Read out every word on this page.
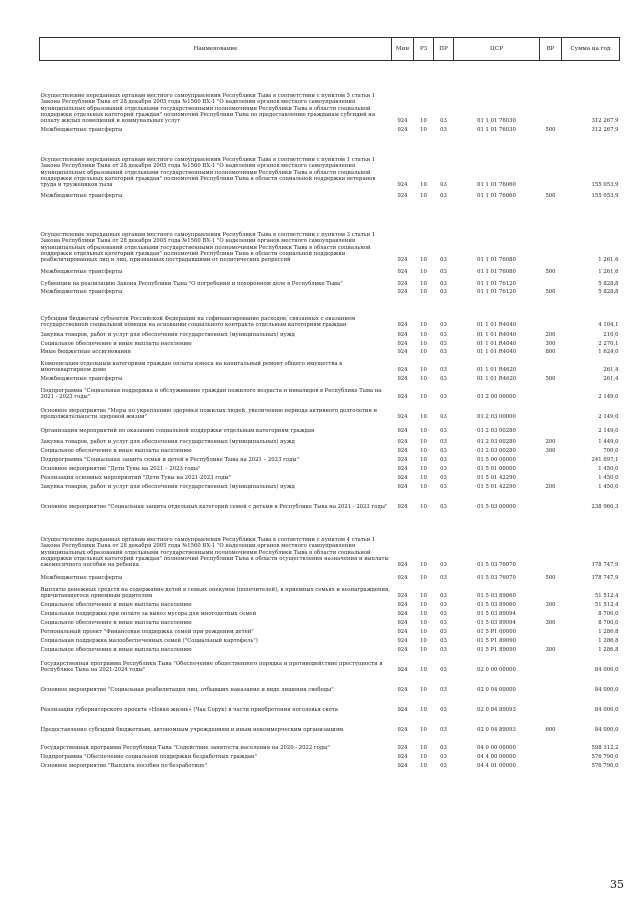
Наименование	Мин	РЗ	ПР	ЦСР	ВР	Сумма на год
Осуществление переданных органам местного самоуправления Республики Тыва в соответствии с пунктом 5 статьи 1 Закона Республики Тыва от 28 декабря 2005 года №1560 ВХ-1 "О наделении органов местного самоуправления муниципальных образований отдельными государственными полномочиями Республики Тыва в области социальной поддержки отдельных категорий граждан" полномочий Республики Тыва по предоставлению гражданам субсидий на оплату жилых помещений и коммунальных услуг	924	10	03	01 1 01 76030		312 267,9
Межбюджетные трансферты	924	10	03	01 1 01 76030	500	312 267,9
Осуществление переданных органам местного самоуправления Республики Тыва в соответствии с пунктом 1 статьи 1 Закона Республики Тыва от 28 декабря 2005 года №1560 ВХ-1 "О наделении органов местного самоуправления муниципальных образований отдельными государственными полномочиями Республики Тыва в области социальной поддержки отдельных категорий граждан" полномочий Республики Тыва в области социальной поддержки ветеранов труда и тружеников тыла	924	10	03	01 1 01 76060		155 053,9
Межбюджетные трансферты	924	10	03	01 1 01 76060	500	155 053,9
Осуществление переданных органам местного самоуправления Республики Тыва в соответствии с пунктом 3 статьи 1 Закона Республики Тыва от 28 декабря 2005 года №1560 ВХ-1 "О наделении органов местного самоуправления муниципальных образований отдельными государственными полномочиями Республики Тыва в области социальной поддержки отдельных категорий граждан" полномочий Республики Тыва в области социальной поддержки реабилитированных лиц и лиц, признанных пострадавшими от политических репрессий	924	10	03	01 1 01 76080		1 261,6
Межбюджетные трансферты	924	10	03	01 1 01 76080	500	1 261,6
Субвенции на реализацию Закона Республики Тыва "О погребении и похоронном деле в Республике Тыва"	924	10	03	01 1 01 76120		5 828,8
Межбюджетные трансферты	924	10	03	01 1 01 76120	500	5 828,8
Субсидии бюджетам субъектов Российской Федерации на софинансирование расходов, связанных с оказанием государственной социальной помощи на основании социального контракта отдельным категориям граждан	924	10	03	01 1 01 R4040		4 104,1
Закупка товаров, работ и услуг для обеспечения государственных (муниципальных) нужд	924	10	03	01 1 01 R4040	200	210,0
Социальное обеспечение и иные выплаты населению	924	10	03	01 1 01 R4040	300	2 270,1
Иные бюджетные ассигнования	924	10	03	01 1 01 R4040	800	1 624,0
Компенсация отдельным категориям граждан оплаты взноса на капитальный ремонт общего имущества в многоквартирном доме	924	10	03	01 1 01 R4620		261,4
Межбюджетные трансферты	924	10	03	01 1 01 R4620	500	261,4
Подпрограмма "Социальная поддержка и обслуживание граждан пожилого возраста и инвалидов в Республике Тыва на 2021 - 2023 годы"	924	10	03	01 2 00 00000		2 149,0
Основное мероприятие "Меры по укреплению здоровья пожилых людей, увеличению периода активного долголетия и продолжительности здоровой жизни"	924	10	03	01 2 03 00000		2 149,0
Организация мероприятий по оказанию социальной поддержки отдельным категориям граждан	924	10	03	01 2 03 00280		2 149,0
Закупка товаров, работ и услуг для обеспечения государственных (муниципальных) нужд	924	10	03	01 2 03 00280	200	1 449,0
Социальное обеспечение и иные выплаты населению	924	10	03	01 2 03 00280	300	700,0
Подпрограмма "Социальная защита семьи и детей в Республике Тыва на 2021 – 2023 годы"	924	10	03	01 5 00 00000		241 697,1
Основное мероприятие "Дети Тувы на 2021 – 2023 годы"	924	10	03	01 5 01 00000		1 450,0
Реализация основных мероприятий "Дети Тувы на 2021-2023 годы"	924	10	03	01 5 01 42290		1 450,0
Закупка товаров, работ и услуг для обеспечения государственных (муниципальных) нужд	924	10	03	01 5 01 42290	200	1 450,0
Основное мероприятие "Социальная защита отдельных категорий семей с детьми в Республике Тыва на 2021 - 2023 годы"	924	10	03	01 5 03 00000		238 960,3
Осуществление переданных органам местного самоуправления Республики Тыва в соответствии с пунктом 4 статьи 1 Закона Республики Тыва от 28 декабря 2005 года №1560 ВХ-1 "О наделении органов местного самоуправления муниципальных образований отдельными государственными полномочиями Республики Тыва в области социальной поддержки отдельных категорий граждан" полномочий Республики Тыва в области осуществления назначения и выплаты ежемесячного пособия на ребенка	924	10	03	01 5 03 76070		178 747,9
Межбюджетные трансферты	924	10	03	01 5 03 76070	500	178 747,9
Выплаты денежных средств на содержание детей в семьях опекунов (попечителей), в приемных семьях и вознаграждения, причитающегося приемным родителям	924	10	03	01 5 03 89060		51 512,4
Социальное обеспечение и иные выплаты населению	924	10	03	01 5 03 89060	300	51 512,4
Социальная поддержка при оплате за вывоз мусора для многодетных семей	924	10	03	01 5 03 89094		8 700,0
Социальное обеспечение и иные выплаты населению	924	10	03	01 5 03 89094	300	8 700,0
Региональный проект "Финансовая поддержка семей при рождении детей"	924	10	03	01 5 P1 00000		1 286,8
Социальная поддержка малообеспеченных семей ("Социальный картофель")	924	10	03	01 5 P1 89090		1 286,8
Социальное обеспечение и иные выплаты населению	924	10	03	01 5 P1 89090	300	1 286,8
Государственная программа Республики Тыва "Обеспечение общественного порядка и противодействие преступности в Республике Тыва на 2021-2024 годы"	924	10	03	02 0 00 00000		84 000,0
Основное мероприятие "Социальная реабилитация лиц, отбывших наказание и виде лишения свободы"	924	10	03	02 0 04 00000		84 000,0
Реализация губернаторского проекта «Новая жизнь» (Чаа Сорук) в части приобретения поголовья скота	924	10	03	02 0 04 89093		84 000,0
Предоставление субсидий бюджетным, автономным учреждениям и иным некоммерческим организациям	924	10	03	02 0 04 89093	600	84 000,0
Государственная программа Республики Тыва "Содействие занятости населения на 2020 - 2022 годы"	924	10	03	04 0 00 00000		598 312,2
Подпрограмма "Обеспечение социальной поддержки безработных граждан"	924	10	03	04 4 00 00000		576 790,0
Основное мероприятие "Выплата пособия по безработице"	924	10	03	04 4 01 00000		576 790,0
35
